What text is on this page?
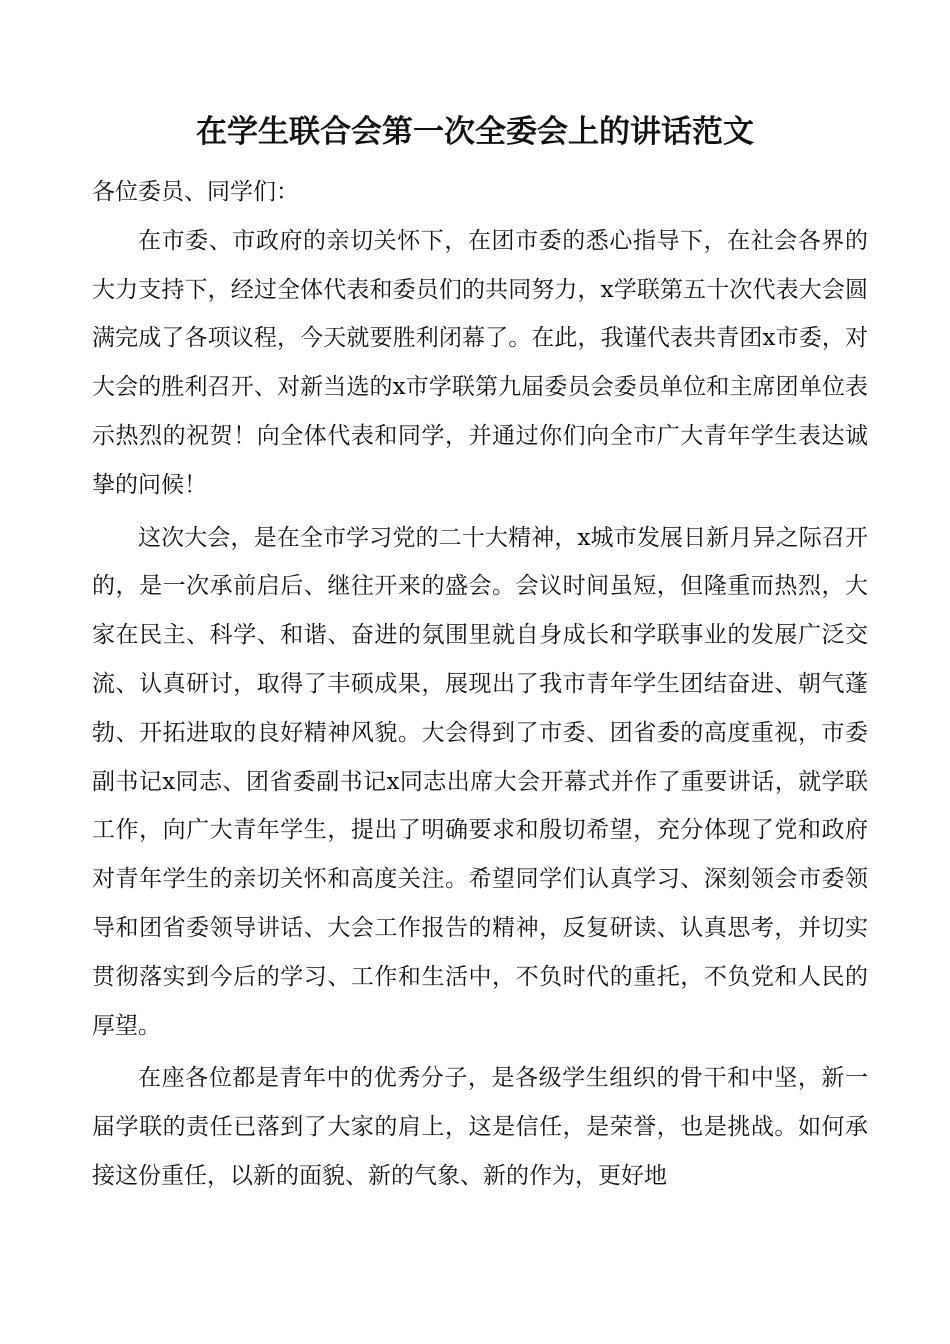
在学生联合会第一次全委会上的讲话范文

各位委员、同学们：

在市委、市政府的亲切关怀下，在团市委的悉心指导下，在社会各界的大力支持下，经过全体代表和委员们的共同努力，x学联第五十次代表大会圆满完成了各项议程，今天就要胜利闭幕了。在此，我谨代表共青团x市委，对大会的胜利召开、对新当选的x市学联第九届委员会委员单位和主席团单位表示热烈的祝贺！向全体代表和同学，并通过你们向全市广大青年学生表达诚挚的问候！

这次大会，是在全市学习党的二十大精神，x城市发展日新月异之际召开的，是一次承前启后、继往开来的盛会。会议时间虽短，但隆重而热烈，大家在民主、科学、和谐、奋进的氛围里就自身成长和学联事业的发展广泛交流、认真研讨，取得了丰硕成果，展现出了我市青年学生团结奋进、朝气蓬勃、开拓进取的良好精神风貌。大会得到了市委、团省委的高度重视，市委副书记x同志、团省委副书记x同志出席大会开幕式并作了重要讲话，就学联工作，向广大青年学生，提出了明确要求和殷切希望，充分体现了党和政府对青年学生的亲切关怀和高度关注。希望同学们认真学习、深刻领会市委领导和团省委领导讲话、大会工作报告的精神，反复研读、认真思考，并切实贯彻落实到今后的学习、工作和生活中，不负时代的重托，不负党和人民的厚望。

在座各位都是青年中的优秀分子，是各级学生组织的骨干和中坚，新一届学联的责任已落到了大家的肩上，这是信任，是荣誉，也是挑战。如何承接这份重任，以新的面貌、新的气象、新的作为，更好地
